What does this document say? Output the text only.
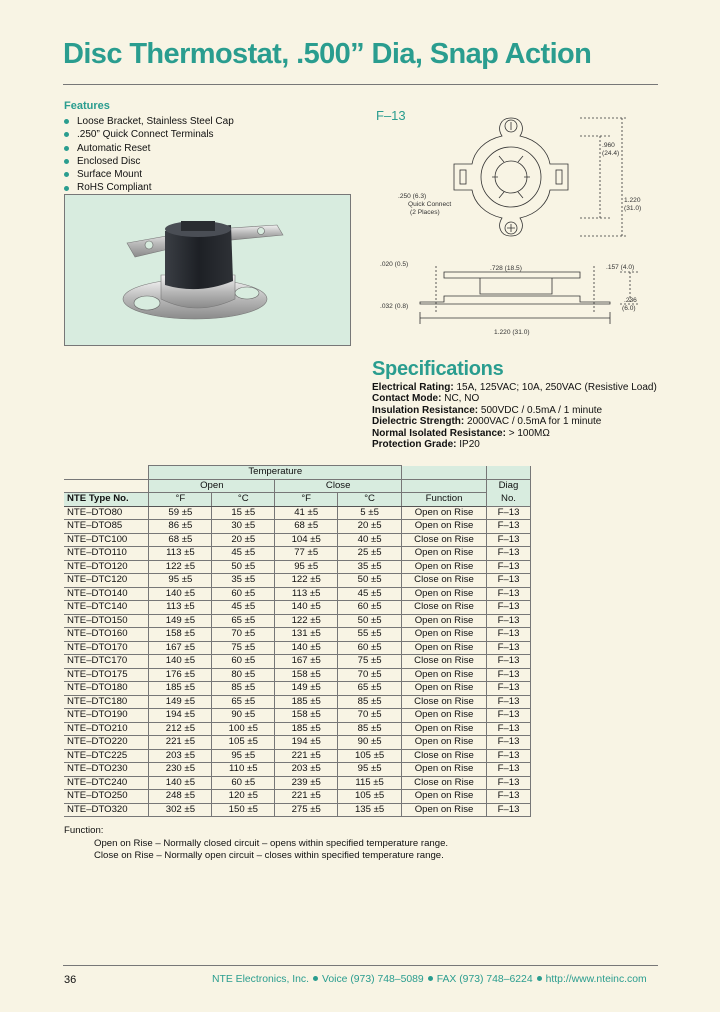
Disc Thermostat, .500” Dia, Snap Action
Features
Loose Bracket, Stainless Steel Cap
.250” Quick Connect Terminals
Automatic Reset
Enclosed Disc
Surface Mount
RoHS Compliant
F–13
.960
(24.4)
1.220
(31.0)
.250 (6.3)
Quick Connect
(2 Places)
.020 (0.5)
.728 (18.5)	.157 (4.0)
.032 (0.8)
.236
(6.0)
1.220 (31.0)
Specifications
Electrical Rating: 15A, 125VAC; 10A, 250VAC (Resistive Load)
Contact Mode: NC, NO
Insulation Resistance: 500VDC / 0.5mA / 1 minute
Dielectric Strength: 2000VAC / 0.5mA for 1 minute
Normal Isolated Resistance: > 100MΩ
Protection Grade: IP20
	Temperature					
	Open		Close			Diag
No.
NTE Type No.	°F	°C	°F	°C	Function	
NTE–DTO80	59 ±5	15 ±5	41 ±5	5 ±5	Open on Rise	F–13
NTE–DTO85	86 ±5	30 ±5	68 ±5	20 ±5	Open on Rise	F–13
NTE–DTC100	68 ±5	20 ±5	104 ±5	40 ±5	Close on Rise	F–13
NTE–DTO110	113 ±5	45 ±5	77 ±5	25 ±5	Open on Rise	F–13
NTE–DTO120	122 ±5	50 ±5	95 ±5	35 ±5	Open on Rise	F–13
NTE–DTC120	95 ±5	35 ±5	122 ±5	50 ±5	Close on Rise	F–13
NTE–DTO140	140 ±5	60 ±5	113 ±5	45 ±5	Open on Rise	F–13
NTE–DTC140	113 ±5	45 ±5	140 ±5	60 ±5	Close on Rise	F–13
NTE–DTO150	149 ±5	65 ±5	122 ±5	50 ±5	Open on Rise	F–13
NTE–DTO160	158 ±5	70 ±5	131 ±5	55 ±5	Open on Rise	F–13
NTE–DTO170	167 ±5	75 ±5	140 ±5	60 ±5	Open on Rise	F–13
NTE–DTC170	140 ±5	60 ±5	167 ±5	75 ±5	Close on Rise	F–13
NTE–DTO175	176 ±5	80 ±5	158 ±5	70 ±5	Open on Rise	F–13
NTE–DTO180	185 ±5	85 ±5	149 ±5	65 ±5	Open on Rise	F–13
NTE–DTC180	149 ±5	65 ±5	185 ±5	85 ±5	Close on Rise	F–13
NTE–DTO190	194 ±5	90 ±5	158 ±5	70 ±5	Open on Rise	F–13
NTE–DTO210	212 ±5	100 ±5	185 ±5	85 ±5	Open on Rise	F–13
NTE–DTO220	221 ±5	105 ±5	194 ±5	90 ±5	Open on Rise	F–13
NTE–DTC225	203 ±5	95 ±5	221 ±5	105 ±5	Close on Rise	F–13
NTE–DTO230	230 ±5	110 ±5	203 ±5	95 ±5	Open on Rise	F–13
NTE–DTC240	140 ±5	60 ±5	239 ±5	115 ±5	Close on Rise	F–13
NTE–DTO250	248 ±5	120 ±5	221 ±5	105 ±5	Open on Rise	F–13
NTE–DTO320	302 ±5	150 ±5	275 ±5	135 ±5	Open on Rise	F–13
Function:
Open on Rise – Normally closed circuit – opens within specified temperature range.
Close on Rise – Normally open circuit – closes within specified temperature range.
36	NTE Electronics, Inc. Voice (973) 748–5089 FAX (973) 748–6224 http://www.nteinc.com
